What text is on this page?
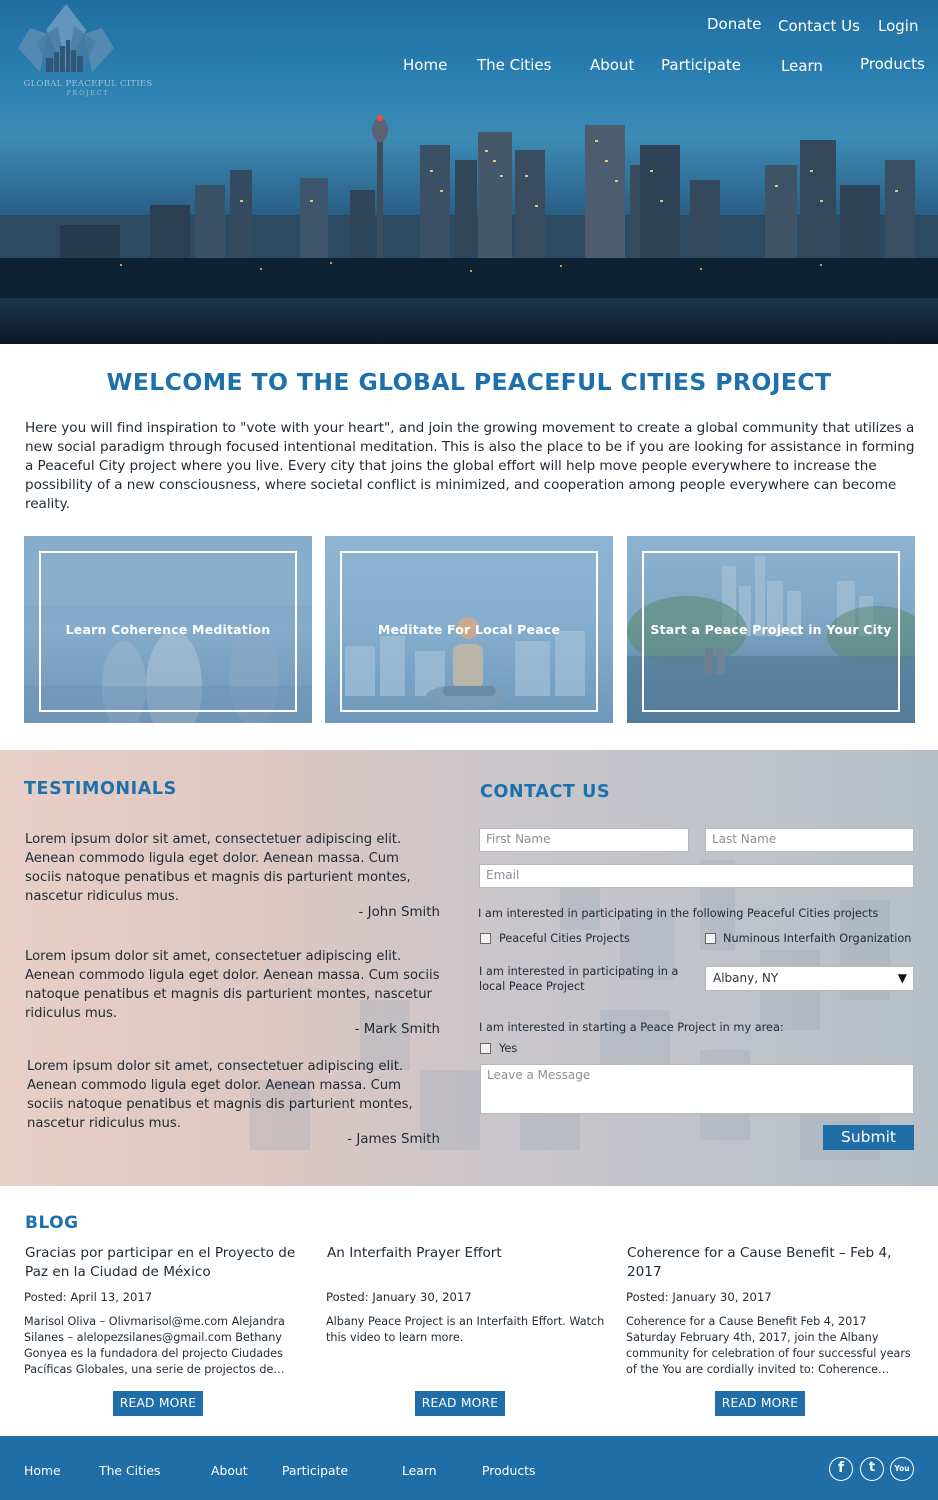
GLOBAL PEACEFUL CITIES
PROJECT
Donate Contact Us Login
Home The Cities	About Participate	Learn Products
WELCOME TO THE GLOBAL PEACEFUL CITIES PROJECT

Here you will find inspiration to "vote with your heart", and join the growing movement to create a global community that utilizes a new social paradigm through focused intentional meditation. This is also the place to be if you are looking for assistance in forming a Peaceful City project where you live. Every city that joins the global effort will help move people everywhere to increase the possibility of a new consciousness, where societal conflict is minimized, and cooperation among people everywhere can become reality.

Learn Coherence Meditation	Meditate For Local Peace	Start a Peace Project in Your City
TESTIMONIALS

Lorem ipsum dolor sit amet, consectetuer adipiscing elit. Aenean commodo ligula eget dolor. Aenean massa. Cum sociis natoque penatibus et magnis dis parturient montes, nascetur ridiculus mus.

- John Smith

Lorem ipsum dolor sit amet, consectetuer adipiscing elit. Aenean commodo ligula eget dolor. Aenean massa. Cum sociis natoque penatibus et magnis dis parturient montes, nascetur ridiculus mus.

- Mark Smith

Lorem ipsum dolor sit amet, consectetuer adipiscing elit. Aenean commodo ligula eget dolor. Aenean massa. Cum sociis natoque penatibus et magnis dis parturient montes, nascetur ridiculus mus.

- James Smith
CONTACT US
First Name	Last Name
Email
I am interested in participating in the following Peaceful Cities projects
Peaceful Cities Projects	Numinous Interfaith Organization
I am interested in participating in a local Peace Project
Albany, NY	▼
I am interested in starting a Peace Project in my area:
Yes
Leave a Message
Submit
BLOG
Gracias por participar en el Proyecto de Paz en la Ciudad de México
Posted: April 13, 2017
Marisol Oliva – Olivmarisol@me.com Alejandra Silanes – alelopezsilanes@gmail.com Bethany Gonyea es la fundadora del projecto Ciudades Pacíficas Globales, una serie de projectos de…
READ MORE
An Interfaith Prayer Effort
Posted: January 30, 2017
Albany Peace Project is an Interfaith Effort. Watch this video to learn more.
READ MORE
Coherence for a Cause Benefit – Feb 4, 2017
Posted: January 30, 2017
Coherence for a Cause Benefit Feb 4, 2017 Saturday February 4th, 2017, join the Albany community for celebration of four successful years of the You are cordially invited to: Coherence…
READ MORE
Home	The Cities	About	Participate	Learn	Products	f	t	You
